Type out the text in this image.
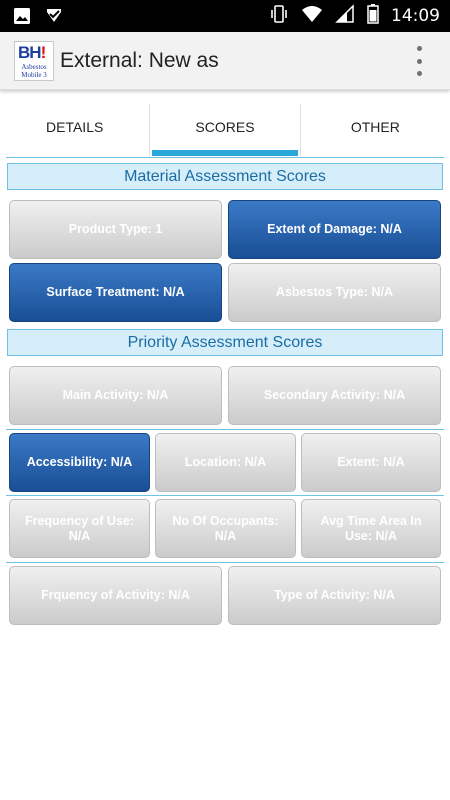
14:09
BH!
Asbestos
Mobile 3
External: New as
DETAILS	SCORES	OTHER
Material Assessment Scores
Product Type: 1	Extent of Damage: N/A
Surface Treatment: N/A	Asbestos Type: N/A
Priority Assessment Scores
Main Activity: N/A	Secondary Activity: N/A
Accessibility: N/A	Location: N/A	Extent: N/A
Frequency of Use: N/A
No Of Occupants: N/A
Avg Time Area In Use: N/A
Frquency of Activity: N/A	Type of Activity: N/A
